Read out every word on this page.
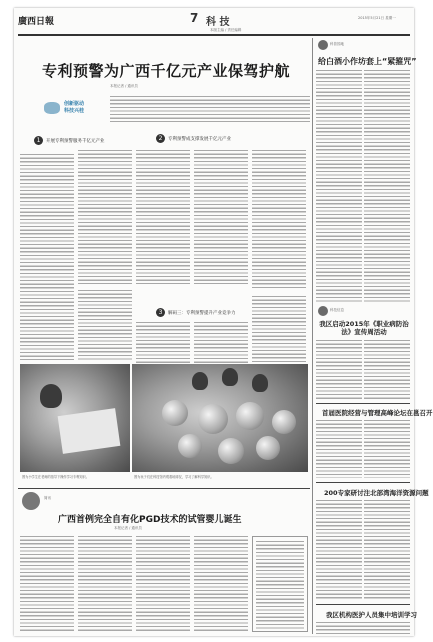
廣西日報	7 科 技	2015年5月21日 星期一
本版主编 / 责任编辑
专利预警为广西千亿元产业保驾护航
本报记者 / 通讯员
创新驱动
科技兴桂
1	开展专利预警服务千亿元产业	2	专利预警成支撑发展千亿元产业
3	解码三：专利预警提升产业竞争力
图为小学生在老师的指导下操作学习专利知识。	图为孩子们在科技馆内观看地球仪，学习了解科学知识。
简讯
广西首例完全自有化PGD技术的试管婴儿诞生
本报记者 / 通讯员
科普园地
给白酒小作坊套上“紧箍咒”
科技信息
我区启动2015年《职业病防治法》宣传周活动
首届医院经营与管理高峰论坛在邕召开
200专家研讨注北部湾海洋资源问题
我区机构医护人员集中培训学习
